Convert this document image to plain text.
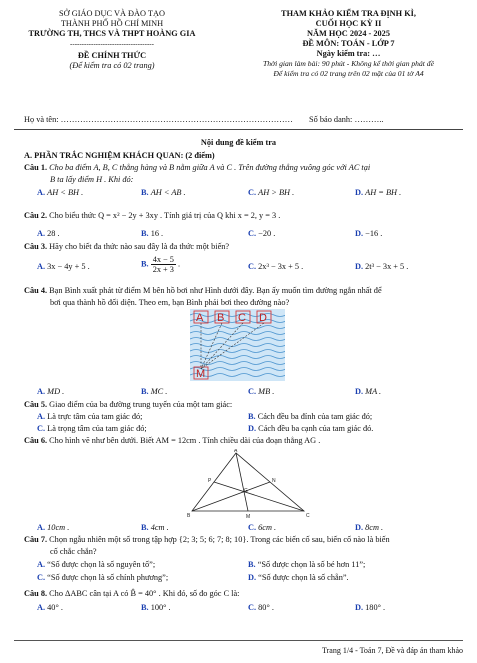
SỞ GIÁO DỤC VÀ ĐÀO TẠO
THÀNH PHỐ HỒ CHÍ MINH
TRƯỜNG TH, THCS VÀ THPT HOÀNG GIA
------------------------------------
ĐỀ CHÍNH THỨC
(Để kiểm tra có 02 trang)
THAM KHẢO KIỂM TRA ĐỊNH KÌ,
CUỐI HỌC KỲ II
NĂM HỌC 2024 - 2025
ĐỀ MÔN: TOÁN - LỚP 7
Ngày kiểm tra: …
Thời gian làm bài: 90 phút - Không kể thời gian phát đề
Để kiểm tra có 02 trang trên 02 mặt của 01 tờ A4
Họ và tên: ………………………………………………………………………… Số báo danh: ………..
Nội dung đề kiểm tra
A. PHẦN TRẮC NGHIỆM KHÁCH QUAN: (2 điểm)
Câu 1. Cho ba điểm A, B, C thẳng hàng và B nằm giữa A và C . Trên đường thẳng vuông góc với AC tại
B ta lấy điểm H . Khi đó:
A. AH < BH .	B. AH < AB .	C. AH > BH .	D. AH = BH .
Câu 2. Cho biểu thức Q = x² − 2y + 3xy . Tính giá trị của Q khi x = 2, y = 3 .
A. 28 .	B. 16 .	C. −20 .	D. −16 .
Câu 3. Hãy cho biết đa thức nào sau đây là đa thức một biến?
A. 3x − 4y + 5 .	B. $\frac{4x - 5}{2x + 3}$ .	C. 2x³ − 3x + 5 .	D. 2t³ − 3x + 5 .
Câu 4. Bạn Bình xuất phát từ điểm M bên hồ bơi như Hình dưới đây. Bạn ấy muốn tìm đường ngắn nhất để
bơi qua thành hồ đối diện. Theo em, bạn Bình phải bơi theo đường nào?
A B C D
M
A. MD .	B. MC .	C. MB .	D. MA .
Câu 5. Giao điểm của ba đường trung tuyến của một tam giác:
A. Là trực tâm của tam giác đó;	B. Cách đều ba đỉnh của tam giác đó;
C. Là trọng tâm của tam giác đó;	D. Cách đều ba cạnh của tam giác đó.
Câu 6. Cho hình vẽ như bên dưới. Biết AM = 12cm . Tính chiều dài của đoạn thẳng AG .
A
B	M	C
G
N
P
A. 10cm .	B. 4cm .	C. 6cm .	D. 8cm .
Câu 7. Chọn ngẫu nhiên một số trong tập hợp {2; 3; 5; 6; 7; 8; 10}. Trong các biến cố sau, biến cố nào là biến
cố chắc chắn?
A. “Số được chọn là số nguyên tố”;	B. “Số được chọn là số bé hơn 11”;
C. “Số được chọn là số chính phương”;	D. “Số được chọn là số chẵn”.
Câu 8. Cho ΔABC cân tại A có B̂ = 40° . Khi đó, số đo góc C là:
A. 40° .	B. 100° .	C. 80° .	D. 180° .
Trang 1/4 - Toán 7, Đề và đáp án tham khảo
